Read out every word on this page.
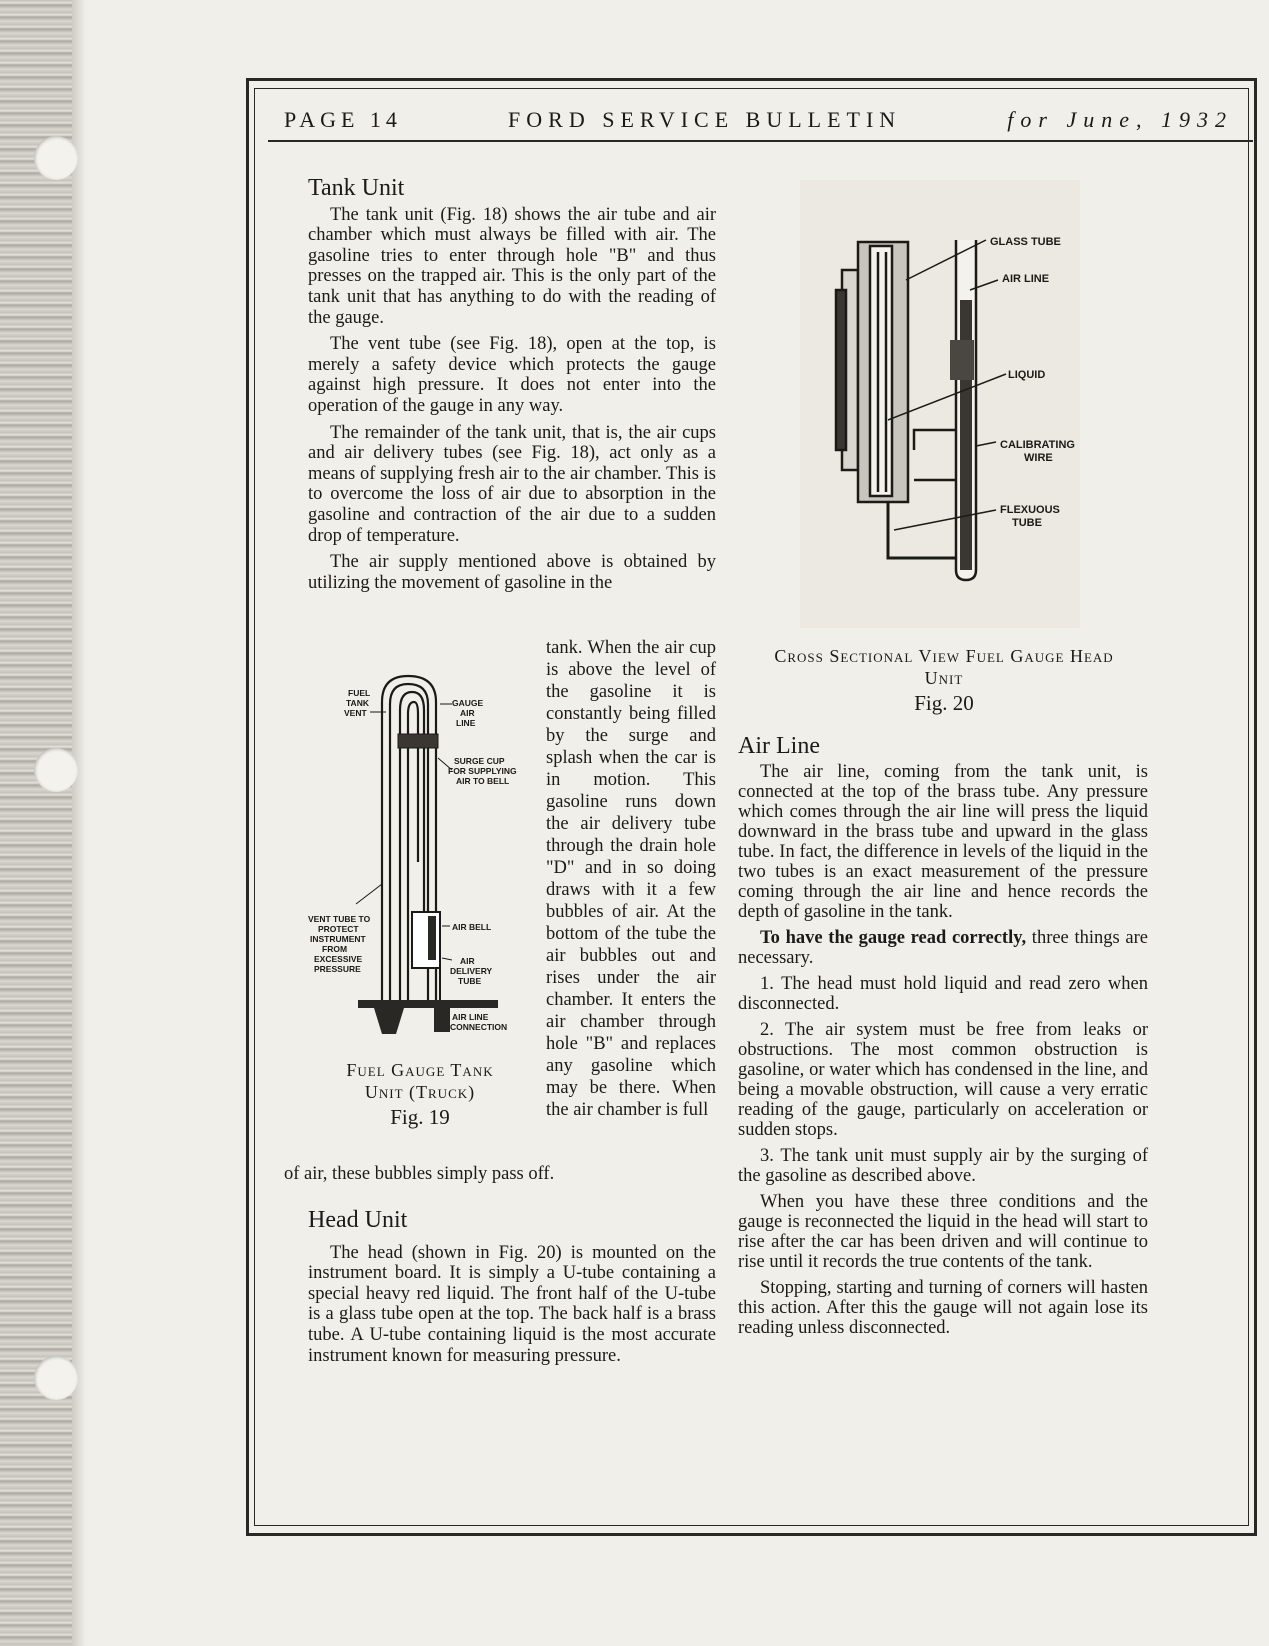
PAGE 14	FORD SERVICE BULLETIN	for June, 1932
Tank Unit

The tank unit (Fig. 18) shows the air tube and air chamber which must always be filled with air. The gasoline tries to enter through hole "B" and thus presses on the trapped air. This is the only part of the tank unit that has anything to do with the reading of the gauge.

The vent tube (see Fig. 18), open at the top, is merely a safety device which protects the gauge against high pressure. It does not enter into the operation of the gauge in any way.

The remainder of the tank unit, that is, the air cups and air delivery tubes (see Fig. 18), act only as a means of supplying fresh air to the air chamber. This is to overcome the loss of air due to absorption in the gasoline and contraction of the air due to a sudden drop of temperature.

The air supply mentioned above is obtained by utilizing the movement of gasoline in the

FUEL
TANK
VENT
GAUGE
AIR
LINE
SURGE CUP
FOR SUPPLYING
AIR TO BELL
VENT TUBE TO
PROTECT
INSTRUMENT
FROM
EXCESSIVE
PRESSURE
AIR BELL
AIR
DELIVERY
TUBE
AIR LINE
CONNECTION
Fuel Gauge Tank
Unit (Truck)
Fig. 19
tank. When the air cup is above the level of the gasoline it is constantly being filled by the surge and splash when the car is in motion. This gasoline runs down the air delivery tube through the drain hole "D" and in so doing draws with it a few bubbles of air. At the bottom of the tube the air bubbles out and rises under the air chamber. It enters the air chamber through hole "B" and replaces any gasoline which may be there. When the air chamber is full
of air, these bubbles simply pass off.
Head Unit

The head (shown in Fig. 20) is mounted on the instrument board. It is simply a U-tube containing a special heavy red liquid. The front half of the U-tube is a glass tube open at the top. The back half is a brass tube. A U-tube containing liquid is the most accurate instrument known for measuring pressure.

GLASS TUBE
AIR LINE
LIQUID
CALIBRATING
WIRE
FLEXUOUS
TUBE
Cross Sectional View Fuel Gauge Head
Unit
Fig. 20
Air Line

The air line, coming from the tank unit, is connected at the top of the brass tube. Any pressure which comes through the air line will press the liquid downward in the brass tube and upward in the glass tube. In fact, the difference in levels of the liquid in the two tubes is an exact measurement of the pressure coming through the air line and hence records the depth of gasoline in the tank.

To have the gauge read correctly, three things are necessary.

1. The head must hold liquid and read zero when disconnected.

2. The air system must be free from leaks or obstructions. The most common obstruction is gasoline, or water which has condensed in the line, and being a movable obstruction, will cause a very erratic reading of the gauge, particularly on acceleration or sudden stops.

3. The tank unit must supply air by the surging of the gasoline as described above.

When you have these three conditions and the gauge is reconnected the liquid in the head will start to rise after the car has been driven and will continue to rise until it records the true contents of the tank.

Stopping, starting and turning of corners will hasten this action. After this the gauge will not again lose its reading unless disconnected.
